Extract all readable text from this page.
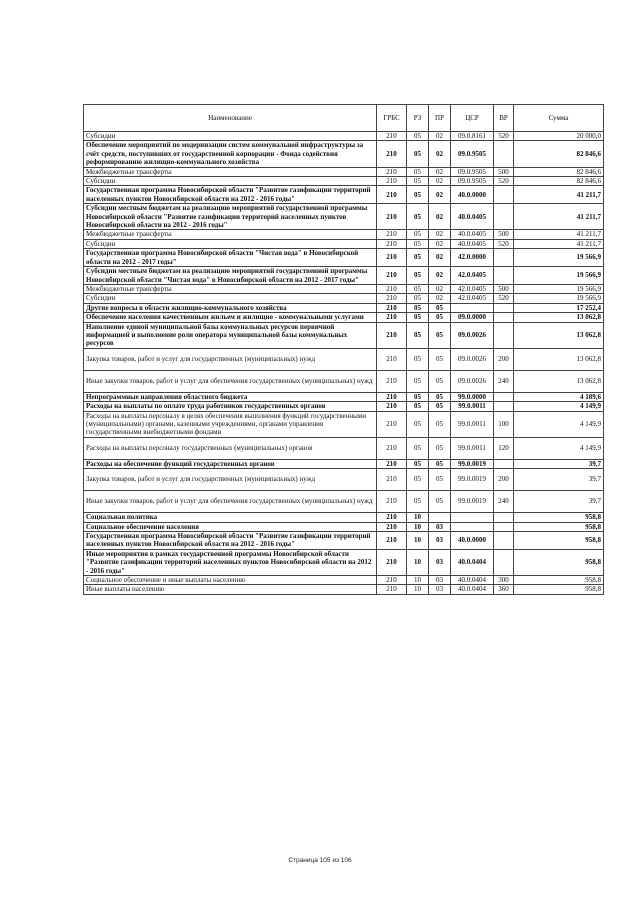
Наименование	ГРБС	РЗ	ПР	ЦСР	ВР	Сумма
Субсидии	210	05	02	09.0.8161	520	20 000,0
Обеспечение мероприятий по модернизации систем коммунальной инфраструктуры за счёт средств, поступивших от государственной корпорации - Фонда содействия реформированию жилищно-коммунального хозяйства	210	05	02	09.0.9505		82 846,6
Межбюджетные трансферты	210	05	02	09.0.9505	500	82 846,6
Субсидии	210	05	02	09.0.9505	520	82 846,6
Государственная программа Новосибирской области "Развитие газификации территорий населенных пунктов Новосибирской области на 2012 - 2016 годы"	210	05	02	40.0.0000		41 211,7
Субсидии местным бюджетам на реализацию мероприятий государственной программы Новосибирской области "Развитие газификации территорий населенных пунктов Новосибирской области на 2012 - 2016 годы"	210	05	02	40.0.0405		41 211,7
Межбюджетные трансферты	210	05	02	40.0.0405	500	41 211,7
Субсидии	210	05	02	40.0.0405	520	41 211,7
Государственная программа Новосибирской области "Чистая вода" в Новосибирской области на 2012 - 2017 годы"	210	05	02	42.0.0000		19 566,9
Субсидии местным бюджетам на реализацию мероприятий государственной программы Новосибирской области "Чистая вода" в Новосибирской области на 2012 - 2017 годы"	210	05	02	42.0.0405		19 566,9
Межбюджетные трансферты	210	05	02	42.0.0405	500	19 566,9
Субсидии	210	05	02	42.0.0405	520	19 566,9
Другие вопросы в области жилищно-коммунального хозяйства	210	05	05			17 252,4
Обеспечение населения качественным жильем и жилищно - коммунальными услугами	210	05	05	09.0.0000		13 062,8
Наполнение единой муниципальной базы коммунальных ресурсов первичной информацией и выполнение роли оператора муниципальной базы коммунальных ресурсов	210	05	05	09.0.0026		13 062,8
Закупка товаров, работ и услуг для государственных (муниципальных) нужд	210	05	05	09.0.0026	200	13 062,8
Иные закупки товаров, работ и услуг для обеспечения государственных (муниципальных) нужд	210	05	05	09.0.0026	240	13 062,8
Непрограммные направления областного бюджета	210	05	05	99.0.0000		4 189,6
Расходы на выплаты по оплате труда работников государственных органов	210	05	05	99.0.0011		4 149,9
Расходы на выплаты персоналу в целях обеспечения выполнения функций государственными (муниципальными) органами, казенными учреждениями, органами управления государственными внебюджетными фондами	210	05	05	99.0.0011	100	4 149,9
Расходы на выплаты персоналу государственных (муниципальных) органов	210	05	05	99.0.0011	120	4 149,9
Расходы на обеспечение функций государственных органов	210	05	05	99.0.0019		39,7
Закупка товаров, работ и услуг для государственных (муниципальных) нужд	210	05	05	99.0.0019	200	39,7
Иные закупки товаров, работ и услуг для обеспечения государственных (муниципальных) нужд	210	05	05	99.0.0019	240	39,7
Социальная политика	210	10				958,8
Социальное обеспечение населения	210	10	03			958,8
Государственная программа Новосибирской области "Развитие газификации территорий населенных пунктов Новосибирской области на 2012 - 2016 годы"	210	10	03	40.0.0000		958,8
Иные мероприятия в рамках государственной программы Новосибирской области "Развитие газификации территорий населенных пунктов Новосибирской области на 2012 - 2016 годы"	210	10	03	40.0.0404		958,8
Социальное обеспечение и иные выплаты населению	210	10	03	40.0.0404	300	958,8
Иные выплаты населению	210	10	03	40.0.0404	360	958,8
Страница 105 из 106
